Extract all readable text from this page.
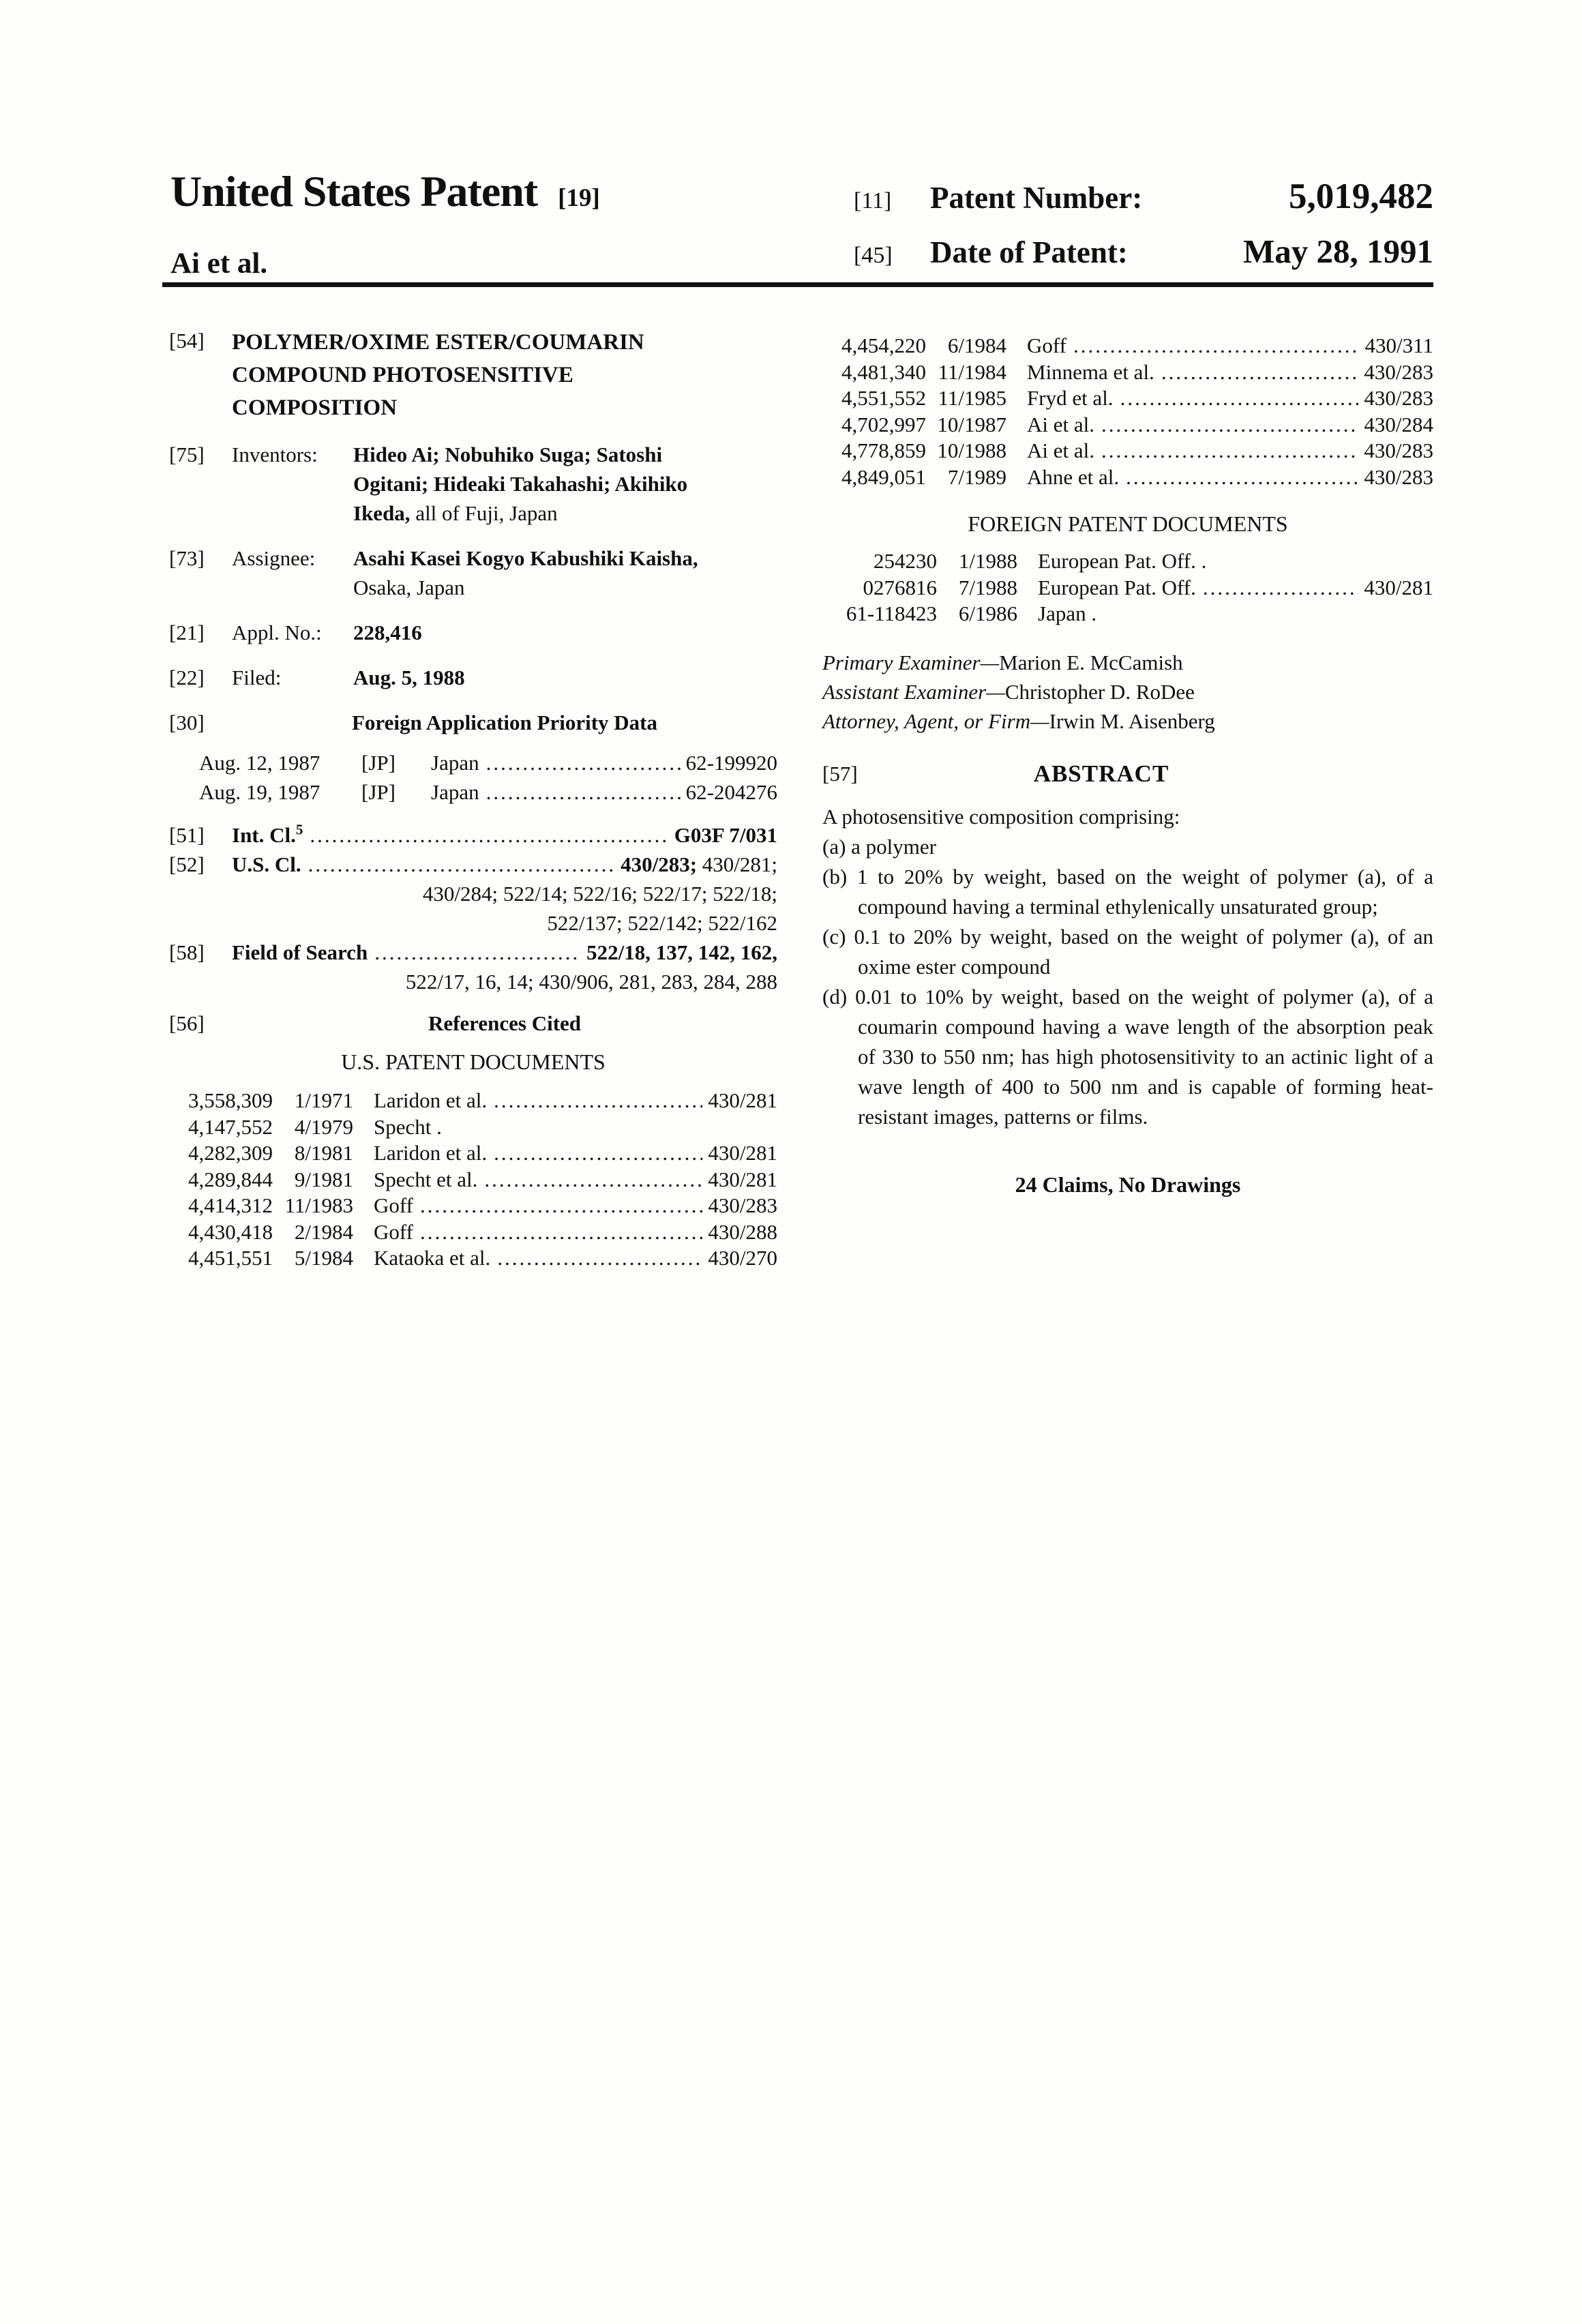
United States Patent [19]
Ai et al.
[11]	Patent Number:	5,019,482
[45]	Date of Patent:	May 28, 1991
[54]	POLYMER/OXIME ESTER/COUMARIN COMPOUND PHOTOSENSITIVE COMPOSITION
[75]	Inventors:	Hideo Ai; Nobuhiko Suga; Satoshi Ogitani; Hideaki Takahashi; Akihiko Ikeda, all of Fuji, Japan
[73]	Assignee:	Asahi Kasei Kogyo Kabushiki Kaisha, Osaka, Japan
[21]	Appl. No.:	228,416
[22]	Filed:	Aug. 5, 1988
[30]	Foreign Application Priority Data
Aug. 12, 1987	[JP]	Japan .....	62-199920
Aug. 19, 1987	[JP]	Japan .....	62-204276
[51]	Int. Cl.$^5$ .....	G03F 7/031
[52]	U.S. Cl. .....	430/283; 430/281;
430/284; 522/14; 522/16; 522/17; 522/18;
522/137; 522/142; 522/162
[58]	Field of Search .....	522/18, 137, 142, 162,
522/17, 16, 14; 430/906, 281, 283, 284, 288
[56]	References Cited
U.S. PATENT DOCUMENTS
3,558,309	1/1971 Laridon et al. .....	430/281
4,147,552	4/1979 Specht .
4,282,309	8/1981 Laridon et al. .....	430/281
4,289,844	9/1981 Specht et al. .....	430/281
4,414,312 11/1983 Goff .....	430/283
4,430,418	2/1984 Goff .....	430/288
4,451,551	5/1984 Kataoka et al. .....	430/270
4,454,220	6/1984 Goff .....	430/311
4,481,340 11/1984 Minnema et al. .....	430/283
4,551,552 11/1985 Fryd et al. .....	430/283
4,702,997 10/1987 Ai et al. .....	430/284
4,778,859 10/1988 Ai et al. .....	430/283
4,849,051	7/1989 Ahne et al. .....	430/283
FOREIGN PATENT DOCUMENTS
254230	1/1988 European Pat. Off. .
0276816	7/1988 European Pat. Off. .....	430/281
61-118423	6/1986 Japan .
Primary Examiner—Marion E. McCamish
Assistant Examiner—Christopher D. RoDee
Attorney, Agent, or Firm—Irwin M. Aisenberg
[57]	ABSTRACT
A photosensitive composition comprising:
(a) a polymer
(b) 1 to 20% by weight, based on the weight of polymer (a), of a compound having a terminal ethylenically unsaturated group;
(c) 0.1 to 20% by weight, based on the weight of polymer (a), of an oxime ester compound
(d) 0.01 to 10% by weight, based on the weight of polymer (a), of a coumarin compound having a wave length of the absorption peak of 330 to 550 nm; has high photosensitivity to an actinic light of a wave length of 400 to 500 nm and is capable of forming heat-resistant images, patterns or films.
24 Claims, No Drawings
